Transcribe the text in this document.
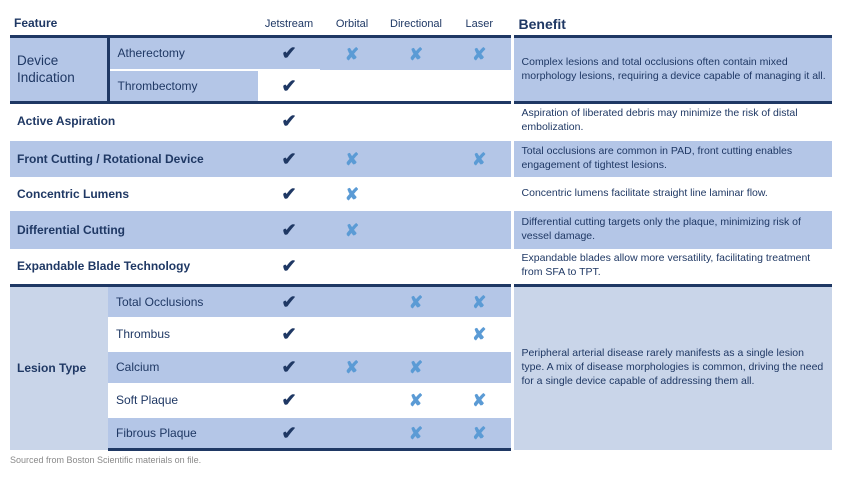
Feature		Jetstream	Orbital	Directional	Laser	Benefit
Device Indication	Atherectomy	✔	✘	✘	✘	Complex lesions and total occlusions often contain mixed morphology lesions, requiring a device capable of managing it all.
	Thrombectomy	✔				
Active Aspiration		✔				Aspiration of liberated debris may minimize the risk of distal embolization.
Front Cutting / Rotational Device		✔	✘		✘	Total occlusions are common in PAD, front cutting enables engagement of tightest lesions.
Concentric Lumens		✔	✘			Concentric lumens facilitate straight line laminar flow.
Differential Cutting		✔	✘			Differential cutting targets only the plaque, minimizing risk of vessel damage.
Expandable Blade Technology		✔				Expandable blades allow more versatility, facilitating treatment from SFA to TPT.
Lesion Type	Total Occlusions	✔		✘	✘	Peripheral arterial disease rarely manifests as a single lesion type. A mix of disease morphologies is common, driving the need for a single device capable of addressing them all.
	Thrombus	✔			✘	
	Calcium	✔	✘	✘		
	Soft Plaque	✔		✘	✘	
	Fibrous Plaque	✔		✘	✘	
Sourced from Boston Scientific materials on file.
